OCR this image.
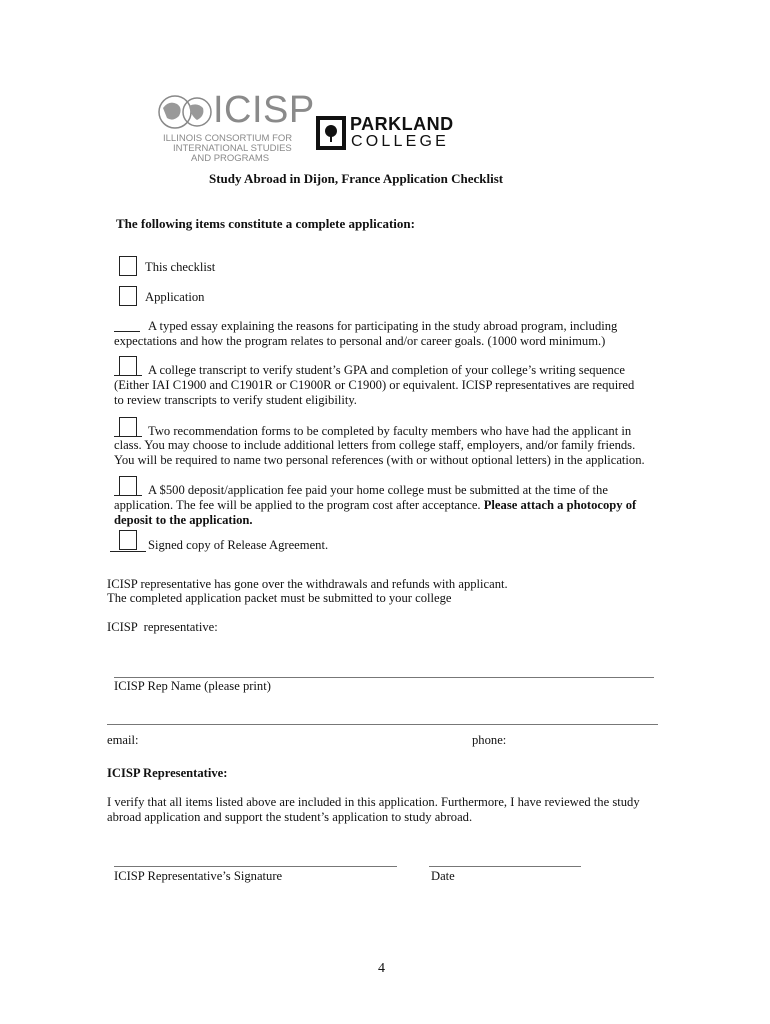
ICISP
ILLINOIS CONSORTIUM FOR
INTERNATIONAL STUDIES
AND PROGRAMS
PARKLAND
COLLEGE
Study Abroad in Dijon, France Application Checklist
The following items constitute a complete application:
This checklist
Application
A typed essay explaining the reasons for participating in the study abroad program, including
expectations and how the program relates to personal and/or career goals. (1000 word minimum.)
A college transcript to verify student’s GPA and completion of your college’s writing sequence
(Either IAI C1900 and C1901R or C1900R or C1900) or equivalent. ICISP representatives are required
to review transcripts to verify student eligibility.
Two recommendation forms to be completed by faculty members who have had the applicant in
class. You may choose to include additional letters from college staff, employers, and/or family friends.
You will be required to name two personal references (with or without optional letters) in the application.
A $500 deposit/application fee paid your home college must be submitted at the time of the
application. The fee will be applied to the program cost after acceptance. Please attach a photocopy of
deposit to the application.
Signed copy of Release Agreement.
ICISP representative has gone over the withdrawals and refunds with applicant.
The completed application packet must be submitted to your college
ICISP  representative:
ICISP Rep Name (please print)
email:	phone:
ICISP Representative:
I verify that all items listed above are included in this application. Furthermore, I have reviewed the study
abroad application and support the student’s application to study abroad.
ICISP Representative’s Signature	Date
4
